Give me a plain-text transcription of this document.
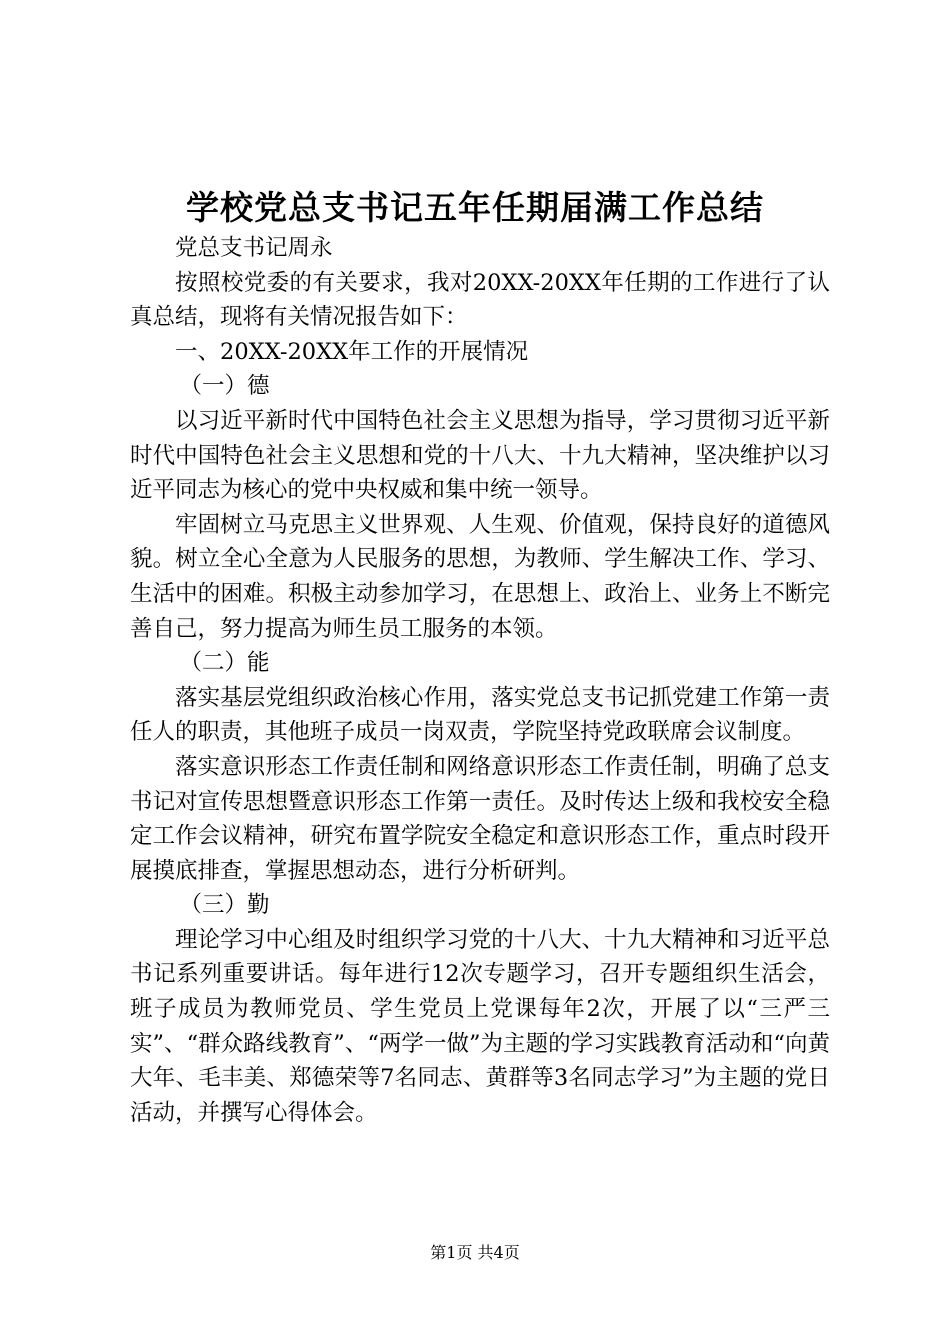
学校党总支书记五年任期届满工作总结

党总支书记周永

按照校党委的有关要求，我对20XX-20XX年任期的工作进行了认真总结，现将有关情况报告如下：

一、20XX-20XX年工作的开展情况

（一）德

以习近平新时代中国特色社会主义思想为指导，学习贯彻习近平新时代中国特色社会主义思想和党的十八大、十九大精神，坚决维护以习近平同志为核心的党中央权威和集中统一领导。

牢固树立马克思主义世界观、人生观、价值观，保持良好的道德风貌。树立全心全意为人民服务的思想，为教师、学生解决工作、学习、生活中的困难。积极主动参加学习，在思想上、政治上、业务上不断完善自己，努力提高为师生员工服务的本领。

（二）能

落实基层党组织政治核心作用，落实党总支书记抓党建工作第一责任人的职责，其他班子成员一岗双责，学院坚持党政联席会议制度。

落实意识形态工作责任制和网络意识形态工作责任制，明确了总支书记对宣传思想暨意识形态工作第一责任。及时传达上级和我校安全稳定工作会议精神，研究布置学院安全稳定和意识形态工作，重点时段开展摸底排查，掌握思想动态，进行分析研判。

（三）勤

理论学习中心组及时组织学习党的十八大、十九大精神和习近平总书记系列重要讲话。每年进行12次专题学习，召开专题组织生活会，班子成员为教师党员、学生党员上党课每年2次，开展了以“三严三实”、“群众路线教育”、“两学一做”为主题的学习实践教育活动和“向黄大年、毛丰美、郑德荣等7名同志、黄群等3名同志学习”为主题的党日活动，并撰写心得体会。

第1页 共4页
